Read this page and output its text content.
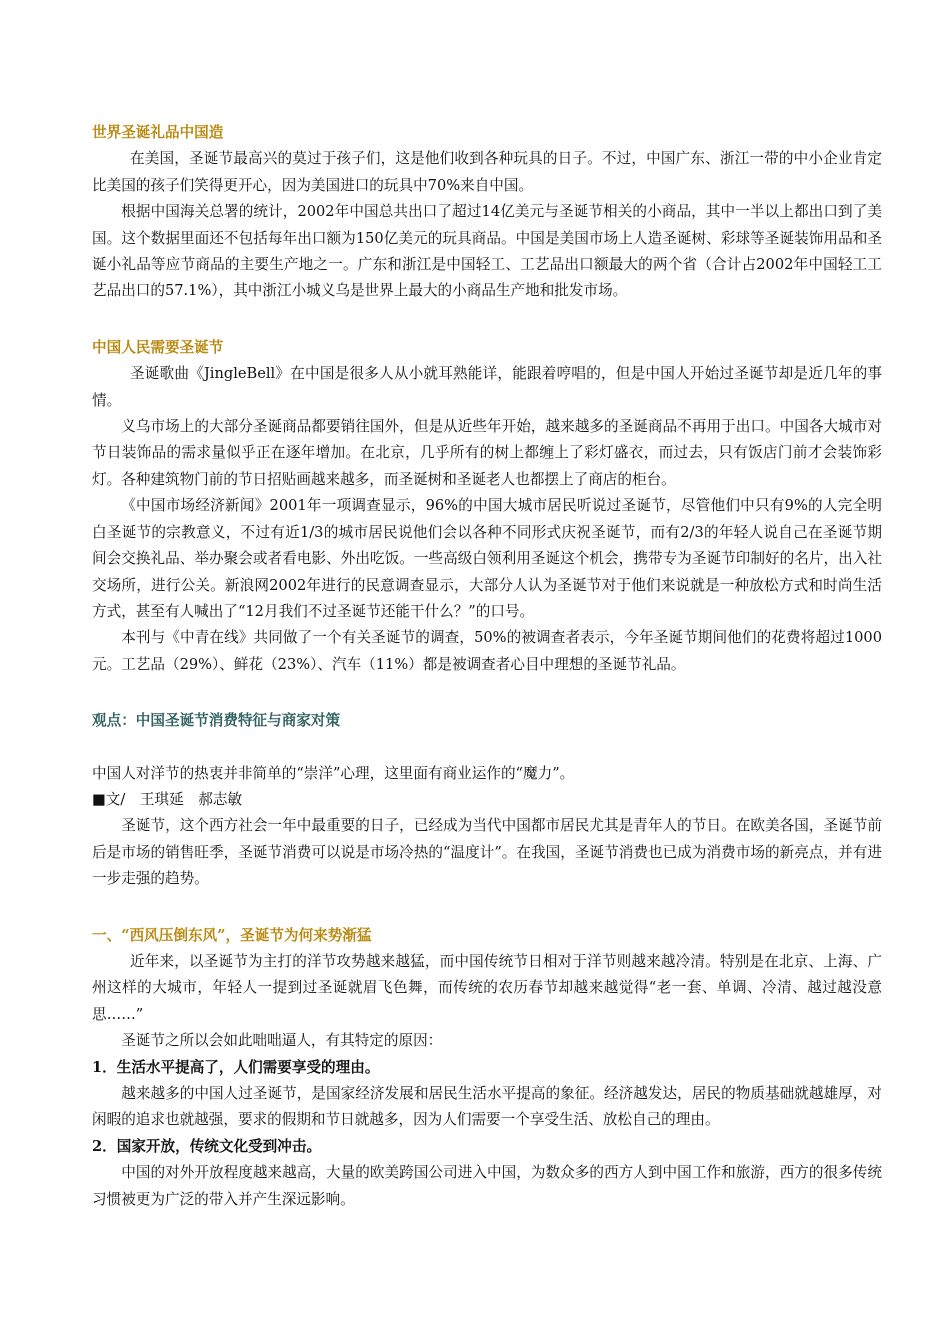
世界圣诞礼品中国造

在美国，圣诞节最高兴的莫过于孩子们，这是他们收到各种玩具的日子。不过，中国广东、浙江一带的中小企业肯定比美国的孩子们笑得更开心，因为美国进口的玩具中70%来自中国。

根据中国海关总署的统计，2002年中国总共出口了超过14亿美元与圣诞节相关的小商品，其中一半以上都出口到了美国。这个数据里面还不包括每年出口额为150亿美元的玩具商品。中国是美国市场上人造圣诞树、彩球等圣诞装饰用品和圣诞小礼品等应节商品的主要生产地之一。广东和浙江是中国轻工、工艺品出口额最大的两个省（合计占2002年中国轻工工艺品出口的57.1%），其中浙江小城义乌是世界上最大的小商品生产地和批发市场。

中国人民需要圣诞节

圣诞歌曲《JingleBell》在中国是很多人从小就耳熟能详，能跟着哼唱的，但是中国人开始过圣诞节却是近几年的事情。

义乌市场上的大部分圣诞商品都要销往国外，但是从近些年开始，越来越多的圣诞商品不再用于出口。中国各大城市对节日装饰品的需求量似乎正在逐年增加。在北京，几乎所有的树上都缠上了彩灯盛衣，而过去，只有饭店门前才会装饰彩灯。各种建筑物门前的节日招贴画越来越多，而圣诞树和圣诞老人也都摆上了商店的柜台。

《中国市场经济新闻》2001年一项调查显示，96%的中国大城市居民听说过圣诞节，尽管他们中只有9%的人完全明白圣诞节的宗教意义，不过有近1/3的城市居民说他们会以各种不同形式庆祝圣诞节，而有2/3的年轻人说自己在圣诞节期间会交换礼品、举办聚会或者看电影、外出吃饭。一些高级白领利用圣诞这个机会，携带专为圣诞节印制好的名片，出入社交场所，进行公关。新浪网2002年进行的民意调查显示，大部分人认为圣诞节对于他们来说就是一种放松方式和时尚生活方式，甚至有人喊出了“12月我们不过圣诞节还能干什么？”的口号。

本刊与《中青在线》共同做了一个有关圣诞节的调查，50%的被调查者表示，今年圣诞节期间他们的花费将超过1000元。工艺品（29%）、鲜花（23%）、汽车（11%）都是被调查者心目中理想的圣诞节礼品。

观点：中国圣诞节消费特征与商家对策

中国人对洋节的热衷并非简单的“崇洋”心理，这里面有商业运作的“魔力”。

■文/　王琪延　郝志敏

圣诞节，这个西方社会一年中最重要的日子，已经成为当代中国都市居民尤其是青年人的节日。在欧美各国，圣诞节前后是市场的销售旺季，圣诞节消费可以说是市场冷热的“温度计”。在我国，圣诞节消费也已成为消费市场的新亮点，并有进一步走强的趋势。

一、“西风压倒东风”，圣诞节为何来势渐猛

近年来，以圣诞节为主打的洋节攻势越来越猛，而中国传统节日相对于洋节则越来越冷清。特别是在北京、上海、广州这样的大城市，年轻人一提到过圣诞就眉飞色舞，而传统的农历春节却越来越觉得“老一套、单调、冷清、越过越没意思……”

圣诞节之所以会如此咄咄逼人，有其特定的原因：

1．生活水平提高了，人们需要享受的理由。

越来越多的中国人过圣诞节，是国家经济发展和居民生活水平提高的象征。经济越发达，居民的物质基础就越雄厚，对闲暇的追求也就越强，要求的假期和节日就越多，因为人们需要一个享受生活、放松自己的理由。

2．国家开放，传统文化受到冲击。

中国的对外开放程度越来越高，大量的欧美跨国公司进入中国，为数众多的西方人到中国工作和旅游，西方的很多传统习惯被更为广泛的带入并产生深远影响。
